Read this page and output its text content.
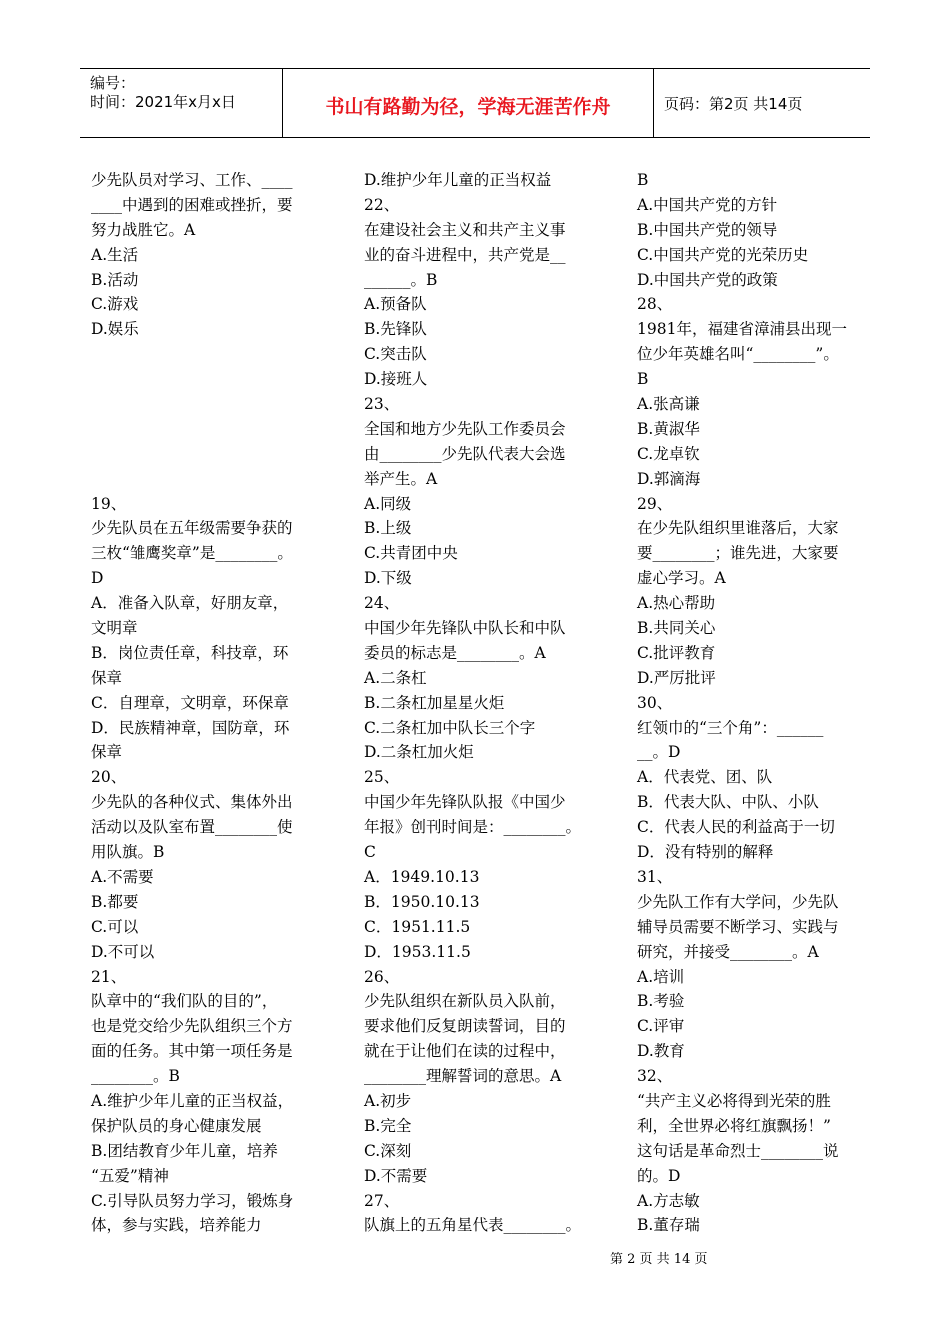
编号：
时间：2021年x月x日	书山有路勤为径，学海无涯苦作舟	页码：第2页 共14页
少先队员对学习、工作、____
____中遇到的困难或挫折，要
努力战胜它。A
A.生活
B.活动
C.游戏
D.娱乐
19、
少先队员在五年级需要争获的
三枚“雏鹰奖章”是________。
D
A．准备入队章，好朋友章，
文明章
B．岗位责任章，科技章，环
保章
C．自理章，文明章，环保章
D．民族精神章，国防章，环
保章
20、
少先队的各种仪式、集体外出
活动以及队室布置________使
用队旗。B
A.不需要
B.都要
C.可以
D.不可以
21、
队章中的“我们队的目的”，
也是党交给少先队组织三个方
面的任务。其中第一项任务是
________。B
A.维护少年儿童的正当权益，
保护队员的身心健康发展
B.团结教育少年儿童，培养
“五爱”精神
C.引导队员努力学习，锻炼身
体，参与实践，培养能力
D.维护少年儿童的正当权益
22、
在建设社会主义和共产主义事
业的奋斗进程中，共产党是__
______。B
A.预备队
B.先锋队
C.突击队
D.接班人
23、
全国和地方少先队工作委员会
由________少先队代表大会选
举产生。A
A.同级
B.上级
C.共青团中央
D.下级
24、
中国少年先锋队中队长和中队
委员的标志是________。A
A.二条杠
B.二条杠加星星火炬
C.二条杠加中队长三个字
D.二条杠加火炬
25、
中国少年先锋队队报《中国少
年报》创刊时间是：________。
C
A．1949.10.13
B．1950.10.13
C．1951.11.5
D．1953.11.5
26、
少先队组织在新队员入队前，
要求他们反复朗读誓词，目的
就在于让他们在读的过程中，
________理解誓词的意思。A
A.初步
B.完全
C.深刻
D.不需要
27、
队旗上的五角星代表________。
B
A.中国共产党的方针
B.中国共产党的领导
C.中国共产党的光荣历史
D.中国共产党的政策
28、
1981年，福建省漳浦县出现一
位少年英雄名叫“________”。
B
A.张高谦
B.黄淑华
C.龙卓钦
D.郭滴海
29、
在少先队组织里谁落后，大家
要________；谁先进，大家要
虚心学习。A
A.热心帮助
B.共同关心
C.批评教育
D.严厉批评
30、
红领巾的“三个角”：______
__。D
A．代表党、团、队
B．代表大队、中队、小队
C．代表人民的利益高于一切
D．没有特别的解释
31、
少先队工作有大学问，少先队
辅导员需要不断学习、实践与
研究，并接受________。A
A.培训
B.考验
C.评审
D.教育
32、
“共产主义必将得到光荣的胜
利，全世界必将红旗飘扬！”
这句话是革命烈士________说
的。D
A.方志敏
B.董存瑞
第 2 页 共 14 页
